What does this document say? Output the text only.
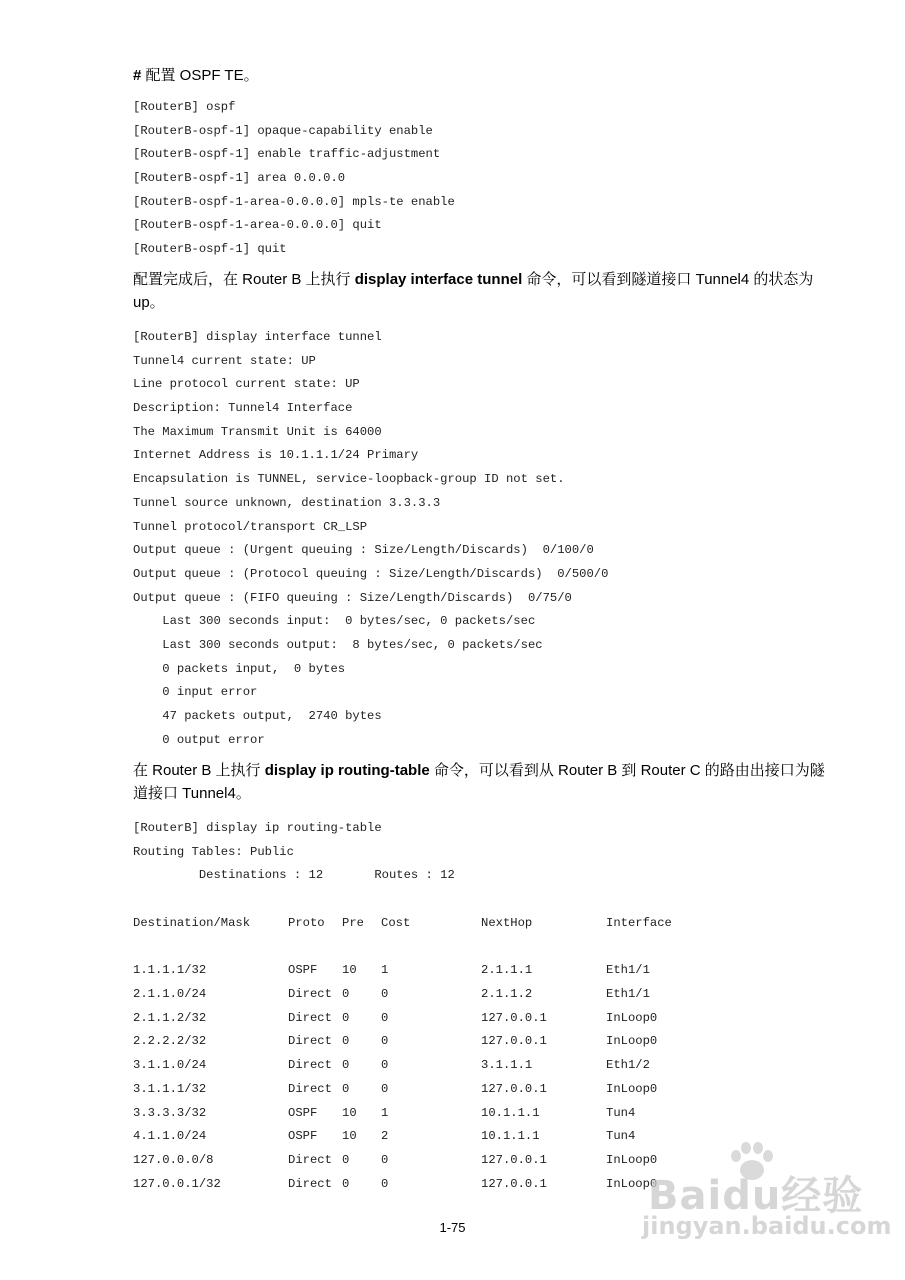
# 配置 OSPF TE。
[RouterB] ospf
[RouterB-ospf-1] opaque-capability enable
[RouterB-ospf-1] enable traffic-adjustment
[RouterB-ospf-1] area 0.0.0.0
[RouterB-ospf-1-area-0.0.0.0] mpls-te enable
[RouterB-ospf-1-area-0.0.0.0] quit
[RouterB-ospf-1] quit
配置完成后，在 Router B 上执行 display interface tunnel 命令，可以看到隧道接口 Tunnel4 的状态为 up。
[RouterB] display interface tunnel
Tunnel4 current state: UP
Line protocol current state: UP
Description: Tunnel4 Interface
The Maximum Transmit Unit is 64000
Internet Address is 10.1.1.1/24 Primary
Encapsulation is TUNNEL, service-loopback-group ID not set.
Tunnel source unknown, destination 3.3.3.3
Tunnel protocol/transport CR_LSP
Output queue : (Urgent queuing : Size/Length/Discards)  0/100/0
Output queue : (Protocol queuing : Size/Length/Discards)  0/500/0
Output queue : (FIFO queuing : Size/Length/Discards)  0/75/0
Last 300 seconds input:  0 bytes/sec, 0 packets/sec
Last 300 seconds output:  8 bytes/sec, 0 packets/sec
0 packets input,  0 bytes
0 input error
47 packets output,  2740 bytes
0 output error
在 Router B 上执行 display ip routing-table 命令，可以看到从 Router B 到 Router C 的路由出接口为隧道接口 Tunnel4。
[RouterB] display ip routing-table
Routing Tables: Public
Destinations : 12       Routes : 12
Destination/Mask	Proto Pre Cost	NextHop	Interface
1.1.1.1/32	OSPF 10 1	2.1.1.1	Eth1/1
2.1.1.0/24	Direct 0	0	2.1.1.2	Eth1/1
2.1.1.2/32	Direct 0	0	127.0.0.1	InLoop0
2.2.2.2/32	Direct 0	0	127.0.0.1	InLoop0
3.1.1.0/24	Direct 0	0	3.1.1.1	Eth1/2
3.1.1.1/32	Direct 0	0	127.0.0.1	InLoop0
3.3.3.3/32	OSPF 10 1	10.1.1.1	Tun4
4.1.1.0/24	OSPF 10 2	10.1.1.1	Tun4
127.0.0.0/8	Direct 0	0	127.0.0.1	InLoop0
127.0.0.1/32	Direct 0	0	127.0.0.1	InLoop0
1-75
Baidu经验
jingyan.baidu.com
